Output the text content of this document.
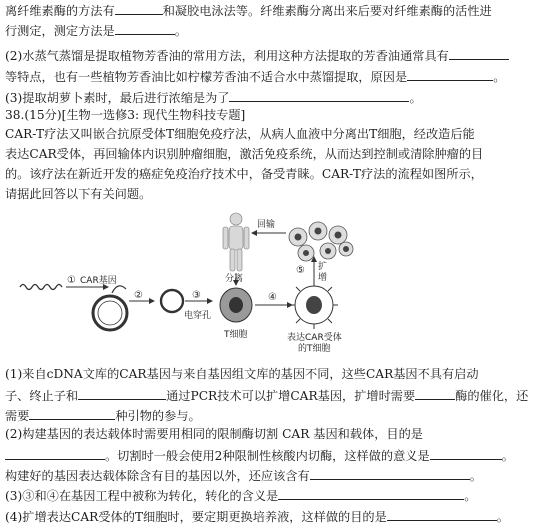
离纤维素酶的方法有	和凝胶电泳法等。纤维素酶分离出来后要对纤维素酶的活性进
行测定，测定方法是	。
(2)水蒸气蒸馏是提取植物芳香油的常用方法，利用这种方法提取的芳香油通常具有
等特点，也有一些植物芳香油比如柠檬芳香油不适合水中蒸馏提取，原因是	。
(3)提取胡萝卜素时，最后进行浓缩是为了	。
38.(15分)[生物一选修3: 现代生物科技专题]
CAR-T疗法又叫嵌合抗原受体T细胞免疫疗法，从病人血液中分离出T细胞，经改造后能
表达CAR受体，再回输体内识别肿瘤细胞，激活免疫系统，从而达到控制或清除肿瘤的目
的。该疗法在新近开发的癌症免疫治疗技术中，备受青睐。CAR-T疗法的流程如图所示，
请据此回答以下有关问题。
① CAR基因
②	③
电穿孔
分离
T细胞
④
表达CAR受体
的T细胞
⑤ 扩
增
回输
(1)来自cDNA文库的CAR基因与来自基因组文库的基因不同，这些CAR基因不具有启动
子、终止子和	通过PCR技术可以扩增CAR基因，扩增时需要	酶的催化，还
需要	种引物的参与。
(2)构建基因的表达载体时需要用相同的限制酶切割 CAR 基因和载体，目的是
。切割时一般会使用2种限制性核酸内切酶，这样做的意义是	。
构建好的基因表达载体除含有目的基因以外，还应该含有	。
(3)③和④在基因工程中被称为转化，转化的含义是	。
(4)扩增表达CAR受体的T细胞时，要定期更换培养液，这样做的目的是	。
